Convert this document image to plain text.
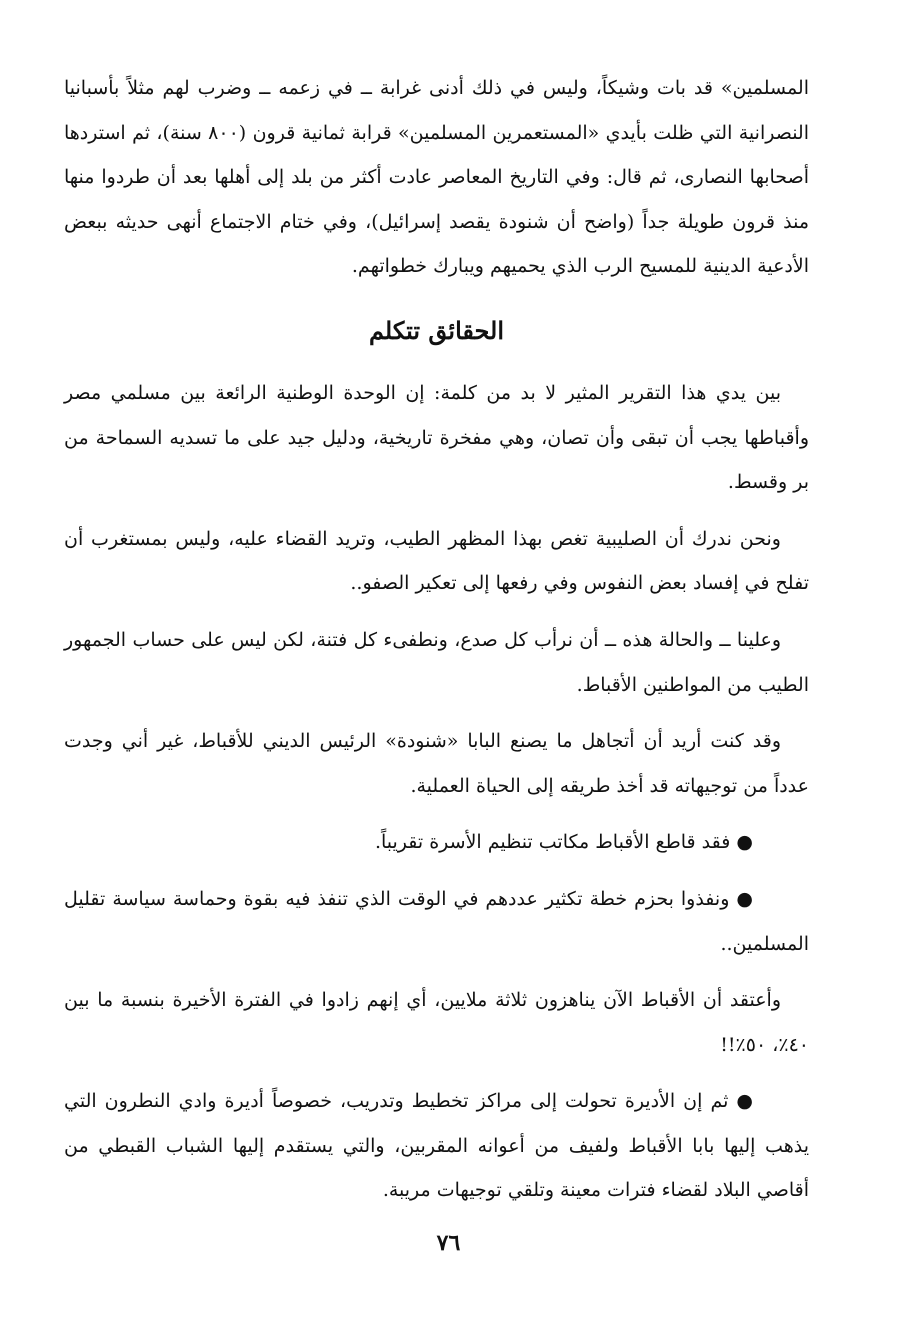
المسلمين» قد بات وشيكاً، وليس في ذلك أدنى غرابة ــ في زعمه ــ وضرب لهم مثلاً بأسبانيا النصرانية التي ظلت بأيدي «المستعمرين المسلمين» قرابة ثمانية قرون (٨٠٠ سنة)، ثم استردها أصحابها النصارى، ثم قال: وفي التاريخ المعاصر عادت أكثر من بلد إلى أهلها بعد أن طردوا منها منذ قرون طويلة جداً (واضح أن شنودة يقصد إسرائيل)، وفي ختام الاجتماع أنهى حديثه ببعض الأدعية الدينية للمسيح الرب الذي يحميهم ويبارك خطواتهم.

الحقائق تتكلم

بين يدي هذا التقرير المثير لا بد من كلمة: إن الوحدة الوطنية الرائعة بين مسلمي مصر وأقباطها يجب أن تبقى وأن تصان، وهي مفخرة تاريخية، ودليل جيد على ما تسديه السماحة من بر وقسط.

ونحن ندرك أن الصليبية تغص بهذا المظهر الطيب، وتريد القضاء عليه، وليس بمستغرب أن تفلح في إفساد بعض النفوس وفي رفعها إلى تعكير الصفو..

وعلينا ــ والحالة هذه ــ أن نرأب كل صدع، ونطفىء كل فتنة، لكن ليس على حساب الجمهور الطيب من المواطنين الأقباط.

وقد كنت أريد أن أتجاهل ما يصنع البابا «شنودة» الرئيس الديني للأقباط، غير أني وجدت عدداً من توجيهاته قد أخذ طريقه إلى الحياة العملية.

● فقد قاطع الأقباط مكاتب تنظيم الأسرة تقريباً.

● ونفذوا بحزم خطة تكثير عددهم في الوقت الذي تنفذ فيه بقوة وحماسة سياسة تقليل المسلمين..

وأعتقد أن الأقباط الآن يناهزون ثلاثة ملايين، أي إنهم زادوا في الفترة الأخيرة بنسبة ما بين ٤٠٪، ٥٠٪!!

● ثم إن الأديرة تحولت إلى مراكز تخطيط وتدريب، خصوصاً أديرة وادي النطرون التي يذهب إليها بابا الأقباط ولفيف من أعوانه المقربين، والتي يستقدم إليها الشباب القبطي من أقاصي البلاد لقضاء فترات معينة وتلقي توجيهات مريبة.

٧٦
